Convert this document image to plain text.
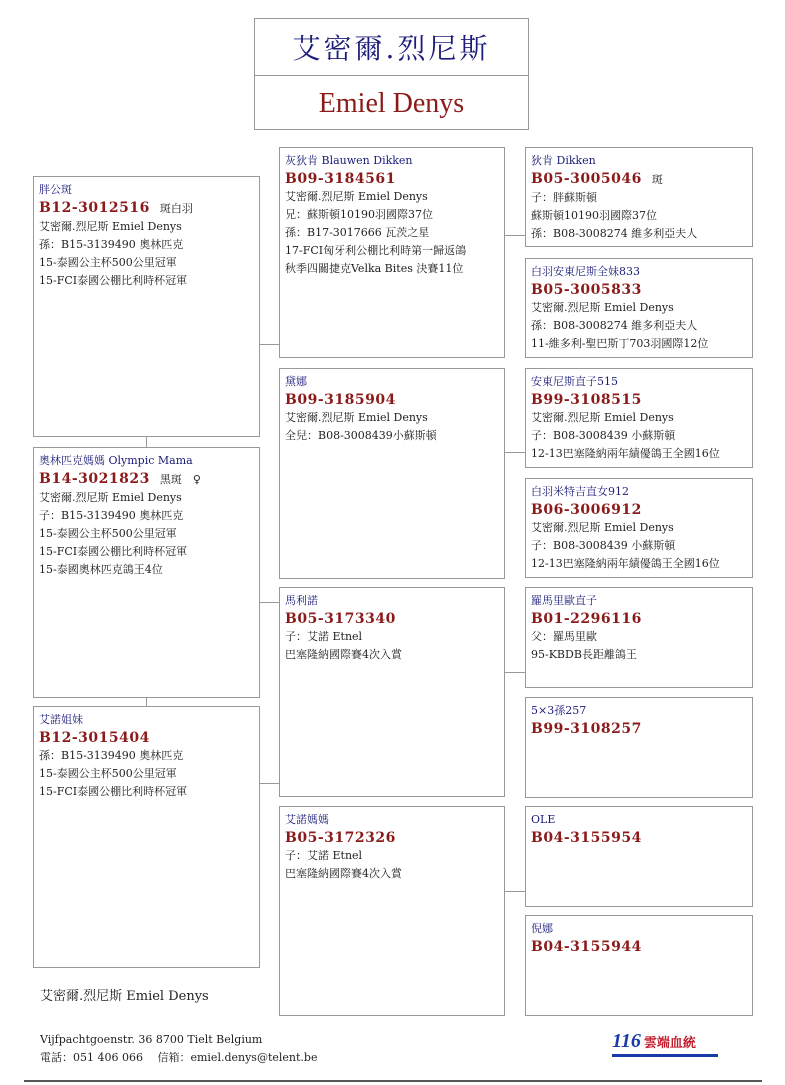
艾密爾.烈尼斯
Emiel Denys
胖公斑
B12-3012516 斑白羽
艾密爾.烈尼斯 Emiel Denys
孫：B15-3139490 奧林匹克
15-泰國公主杯500公里冠軍
15-FCI泰國公棚比利時杯冠軍
奧林匹克媽媽 Olympic Mama
B14-3021823 黑斑　♀
艾密爾.烈尼斯 Emiel Denys
子：B15-3139490 奧林匹克
15-泰國公主杯500公里冠軍
15-FCI泰國公棚比利時杯冠軍
15-泰國奧林匹克鴿王4位
艾諾姐妹
B12-3015404
孫：B15-3139490 奧林匹克
15-泰國公主杯500公里冠軍
15-FCI泰國公棚比利時杯冠軍
灰狄肯 Blauwen Dikken
B09-3184561
艾密爾.烈尼斯 Emiel Denys
兄：蘇斯頓10190羽國際37位
孫：B17-3017666 瓦茨之星
17-FCI匈牙利公棚比利時第一歸返鴿
秋季四關捷克Velka Bites 決賽11位
黛娜
B09-3185904
艾密爾.烈尼斯 Emiel Denys
全兒：B08-3008439小蘇斯頓
馬利諾
B05-3173340
子：艾諾 Etnel
巴塞隆納國際賽4次入賞
艾諾媽媽
B05-3172326
子：艾諾 Etnel
巴塞隆納國際賽4次入賞
狄肯 Dikken
B05-3005046 斑
子：胖蘇斯頓
蘇斯頓10190羽國際37位
孫：B08-3008274 維多利亞夫人
白羽安東尼斯全妹833
B05-3005833
艾密爾.烈尼斯 Emiel Denys
孫：B08-3008274 維多利亞夫人
11-維多利-聖巴斯丁703羽國際12位
安東尼斯直子515
B99-3108515
艾密爾.烈尼斯 Emiel Denys
子：B08-3008439 小蘇斯頓
12-13巴塞隆納兩年績優鴿王全國16位
白羽米特吉直女912
B06-3006912
艾密爾.烈尼斯 Emiel Denys
子：B08-3008439 小蘇斯頓
12-13巴塞隆納兩年績優鴿王全國16位
羅馬里歐直子
B01-2296116
父：羅馬里歐
95-KBDB長距離鴿王
5×3孫257
B99-3108257
OLE
B04-3155954
倪娜
B04-3155944
艾密爾.烈尼斯 Emiel Denys
Vijfpachtgoenstr. 36 8700 Tielt Belgium
電話：051 406 066　 信箱：emiel.denys@telent.be
116 雲端血統
